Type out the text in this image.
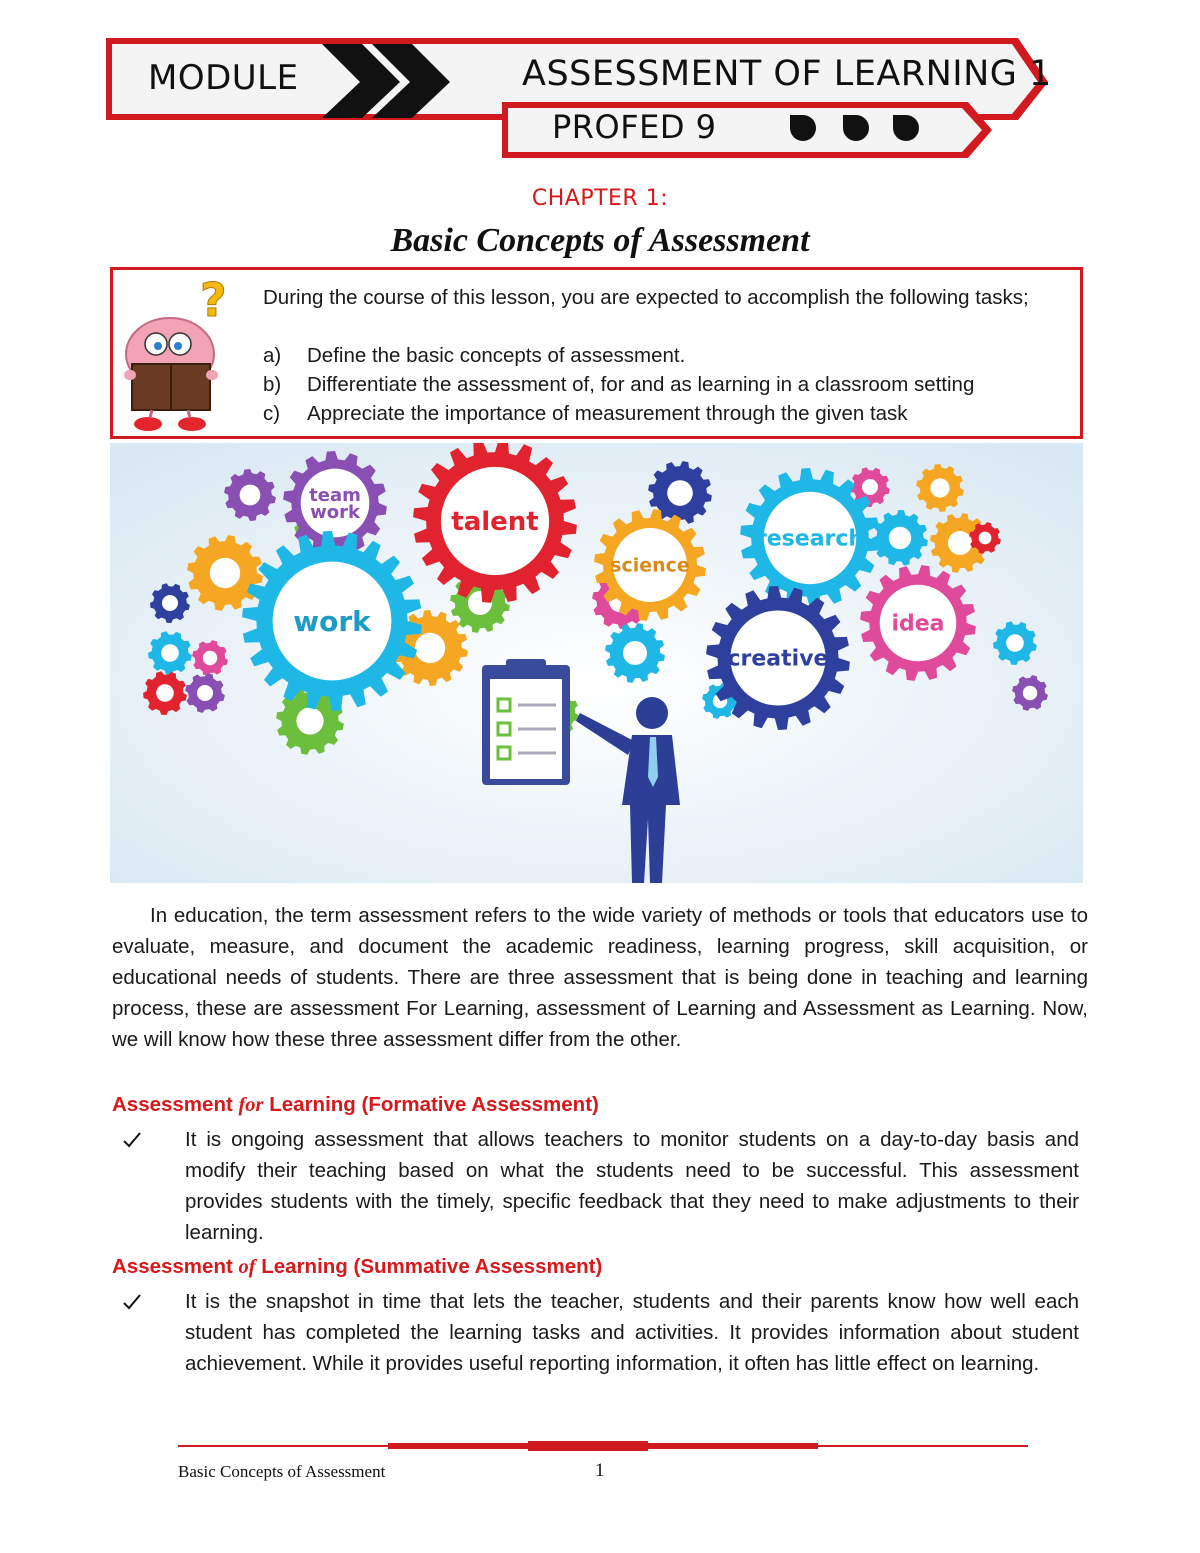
MODULE	ASSESSMENT OF LEARNING 1
PROFED 9
CHAPTER 1:
Basic Concepts of Assessment
? During the course of this lesson, you are expected to accomplish the following tasks;
a) Define the basic concepts of assessment.
b) Differentiate the assessment of, for and as learning in a classroom setting
c) Appreciate the importance of measurement through the given task
team
work	talent
science
research
work	idea
creative
In education, the term assessment refers to the wide variety of methods or tools that educators use to evaluate, measure, and document the academic readiness, learning progress, skill acquisition, or educational needs of students. There are three assessment that is being done in teaching and learning process, these are assessment For Learning, assessment of Learning and Assessment as Learning. Now, we will know how these three assessment differ from the other.
Assessment for Learning (Formative Assessment)
It is ongoing assessment that allows teachers to monitor students on a day-to-day basis and modify their teaching based on what the students need to be successful. This assessment provides students with the timely, specific feedback that they need to make adjustments to their learning.
Assessment of Learning (Summative Assessment)
It is the snapshot in time that lets the teacher, students and their parents know how well each student has completed the learning tasks and activities. It provides information about student achievement. While it provides useful reporting information, it often has little effect on learning.
Basic Concepts of Assessment	1
